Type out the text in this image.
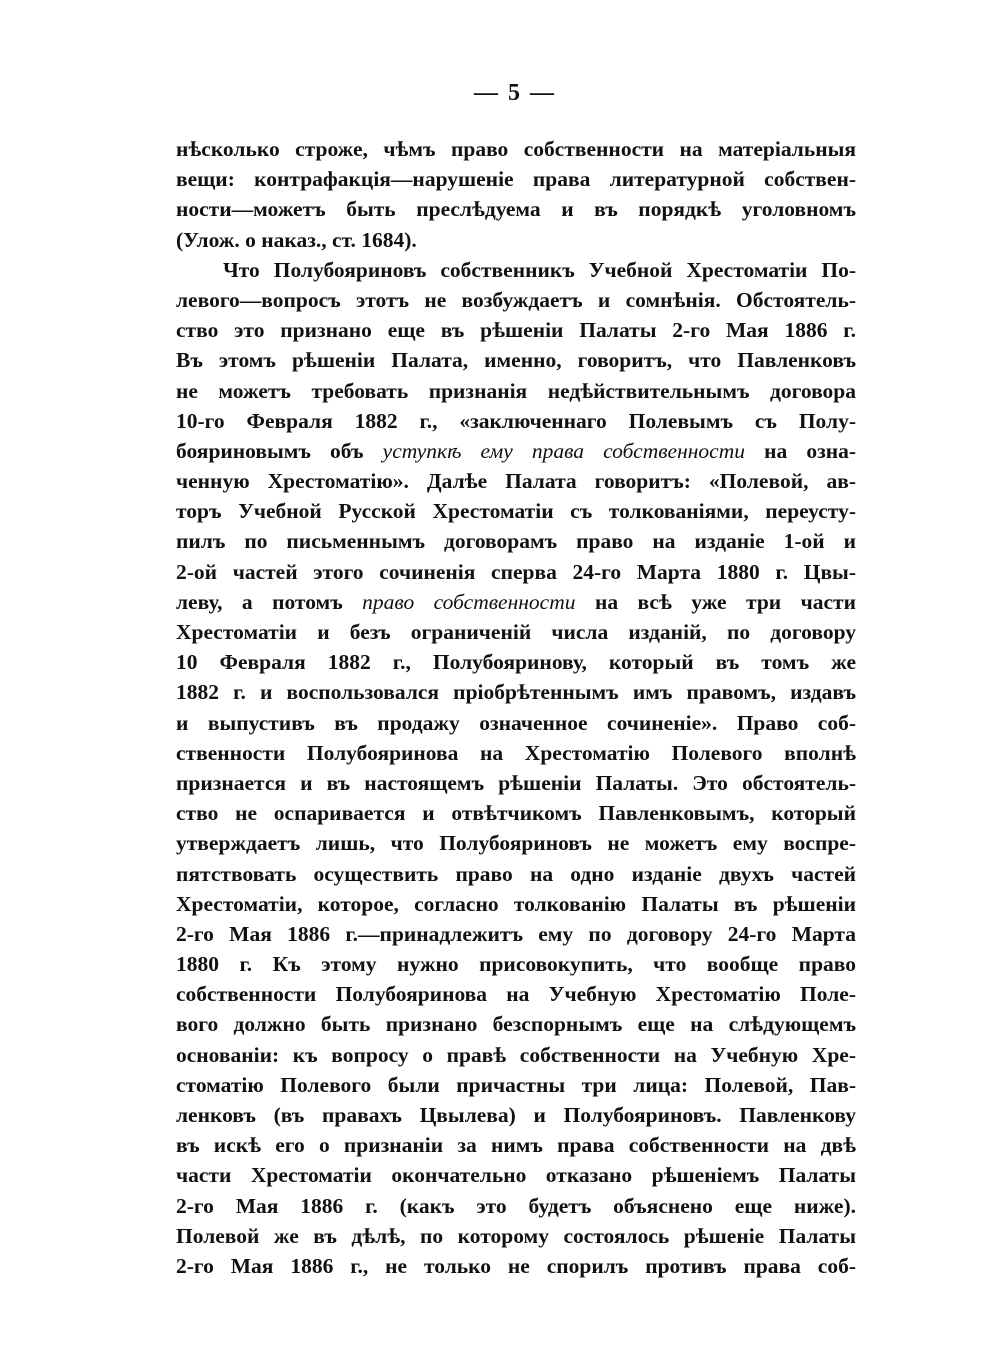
— 5 —
нѣсколько строже, чѣмъ право собственности на матеріальныя
вещи: контрафакція—нарушеніе права литературной собствен-
ности—можетъ быть преслѣдуема и въ порядкѣ уголовномъ
(Улож. о наказ., ст. 1684).
Что Полубояриновъ собственникъ Учебной Хрестоматіи По-
левого—вопросъ этотъ не возбуждаетъ и сомнѣнія. Обстоятель-
ство это признано еще въ рѣшеніи Палаты 2-го Мая 1886 г.
Въ этомъ рѣшеніи Палата, именно, говоритъ, что Павленковъ
не можетъ требовать признанія недѣйствительнымъ договора
10-го Февраля 1882 г., «заключеннаго Полевымъ съ Полу-
бояриновымъ объ уступкѣ ему права собственности на озна-
ченную Хрестоматію». Далѣе Палата говоритъ: «Полевой, ав-
торъ Учебной Русской Хрестоматіи съ толкованіями, переусту-
пилъ по письменнымъ договорамъ право на изданіе 1-ой и
2-ой частей этого сочиненія сперва 24-го Марта 1880 г. Цвы-
леву, а потомъ право собственности на всѣ уже три части
Хрестоматіи и безъ ограниченій числа изданій, по договору
10 Февраля 1882 г., Полубояринову, который въ томъ же
1882 г. и воспользовался пріобрѣтеннымъ имъ правомъ, издавъ
и выпустивъ въ продажу означенное сочиненіе». Право соб-
ственности Полубояринова на Хрестоматію Полевого вполнѣ
признается и въ настоящемъ рѣшеніи Палаты. Это обстоятель-
ство не оспаривается и отвѣтчикомъ Павленковымъ, который
утверждаетъ лишь, что Полубояриновъ не можетъ ему воспре-
пятствовать осуществить право на одно изданіе двухъ частей
Хрестоматіи, которое, согласно толкованію Палаты въ рѣшеніи
2-го Мая 1886 г.—принадлежитъ ему по договору 24-го Марта
1880 г. Къ этому нужно присовокупить, что вообще право
собственности Полубояринова на Учебную Хрестоматію Поле-
вого должно быть признано безспорнымъ еще на слѣдующемъ
основаніи: къ вопросу о правѣ собственности на Учебную Хре-
стоматію Полевого были причастны три лица: Полевой, Пав-
ленковъ (въ правахъ Цвылева) и Полубояриновъ. Павленкову
въ искѣ его о признаніи за нимъ права собственности на двѣ
части Хрестоматіи окончательно отказано рѣшеніемъ Палаты
2-го Мая 1886 г. (какъ это будетъ объяснено еще ниже).
Полевой же въ дѣлѣ, по которому состоялось рѣшеніе Палаты
2-го Мая 1886 г., не только не спорилъ противъ права соб-
